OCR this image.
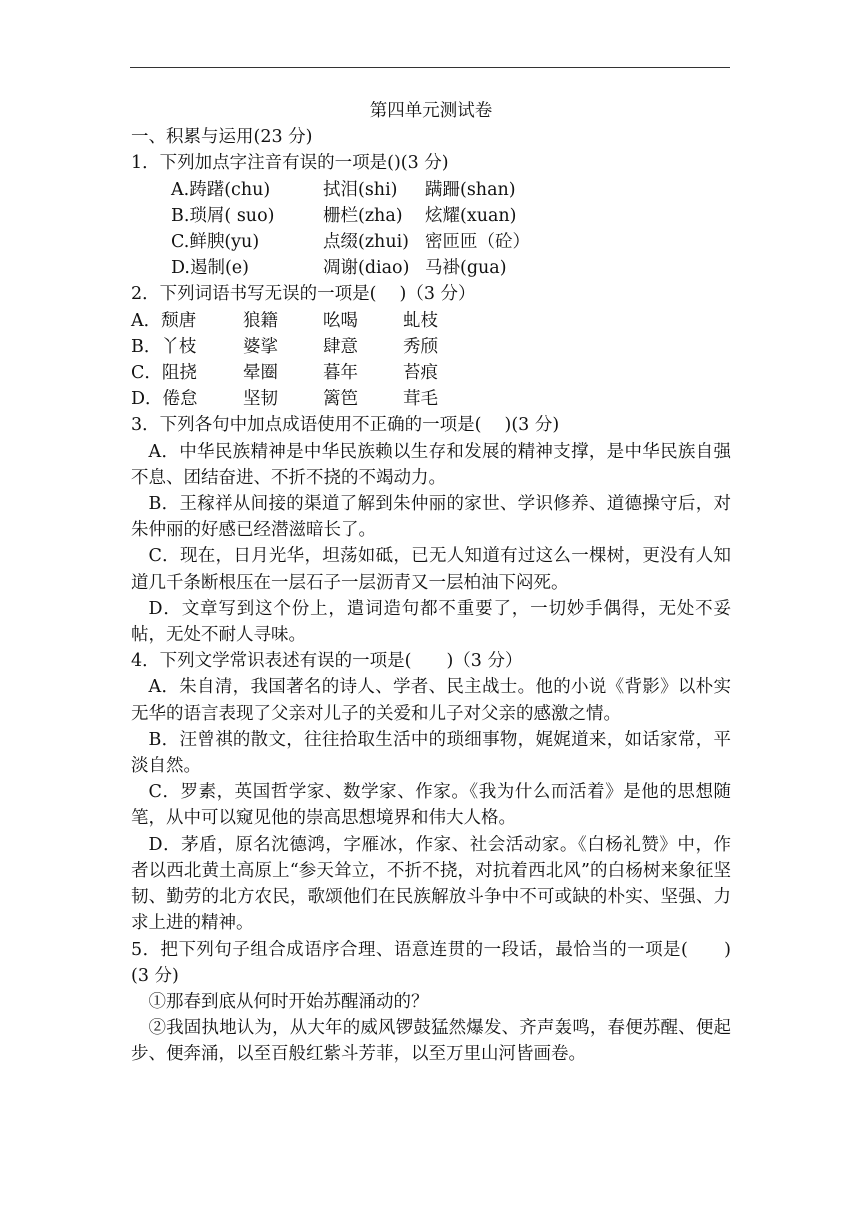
第四单元测试卷

一、积累与运用(23 分)

1．下列加点字注音有误的一项是()(3 分)

A.踌躇(chu)	拭泪(shi)	蹒跚(shan)
B.琐屑( suo)	栅栏(zha)	炫耀(xuan)
C.鲜腴(yu)	点缀(zhui) 密匝匝（砼）
D.遏制(e)	凋谢(diao) 马褂(gua)

2．下列词语书写无误的一项是(　 )（3 分）

A．颓唐	狼籍	吆喝	虬枝
B．丫枝	婆挲	肆意	秀颀
C．阻挠	晕圈	暮年	苔痕
D．倦怠	坚韧	篱笆	茸毛

3．下列各句中加点成语使用不正确的一项是(　 )(3 分)

A．中华民族精神是中华民族赖以生存和发展的精神支撑，是中华民族自强不息、团结奋进、不折不挠的不竭动力。

B．王稼祥从间接的渠道了解到朱仲丽的家世、学识修养、道德操守后，对朱仲丽的好感已经潜滋暗长了。

C．现在，日月光华，坦荡如砥，已无人知道有过这么一棵树，更没有人知道几千条断根压在一层石子一层沥青又一层柏油下闷死。

D．文章写到这个份上，遣词造句都不重要了，一切妙手偶得，无处不妥帖，无处不耐人寻味。

4．下列文学常识表述有误的一项是(　　)（3 分）

A．朱自清，我国著名的诗人、学者、民主战士。他的小说《背影》以朴实无华的语言表现了父亲对儿子的关爱和儿子对父亲的感激之情。

B．汪曾祺的散文，往往拾取生活中的琐细事物，娓娓道来，如话家常，平淡自然。

C．罗素，英国哲学家、数学家、作家。《我为什么而活着》是他的思想随笔，从中可以窥见他的崇高思想境界和伟大人格。

D．茅盾，原名沈德鸿，字雁冰，作家、社会活动家。《白杨礼赞》中，作者以西北黄土高原上“参天耸立，不折不挠，对抗着西北风”的白杨树来象征坚韧、勤劳的北方农民，歌颂他们在民族解放斗争中不可或缺的朴实、坚强、力求上进的精神。

5．把下列句子组合成语序合理、语意连贯的一段话，最恰当的一项是(　　)(3 分)

①那春到底从何时开始苏醒涌动的？

②我固执地认为，从大年的威风锣鼓猛然爆发、齐声轰鸣，春便苏醒、便起步、便奔涌，以至百般红紫斗芳菲，以至万里山河皆画卷。
